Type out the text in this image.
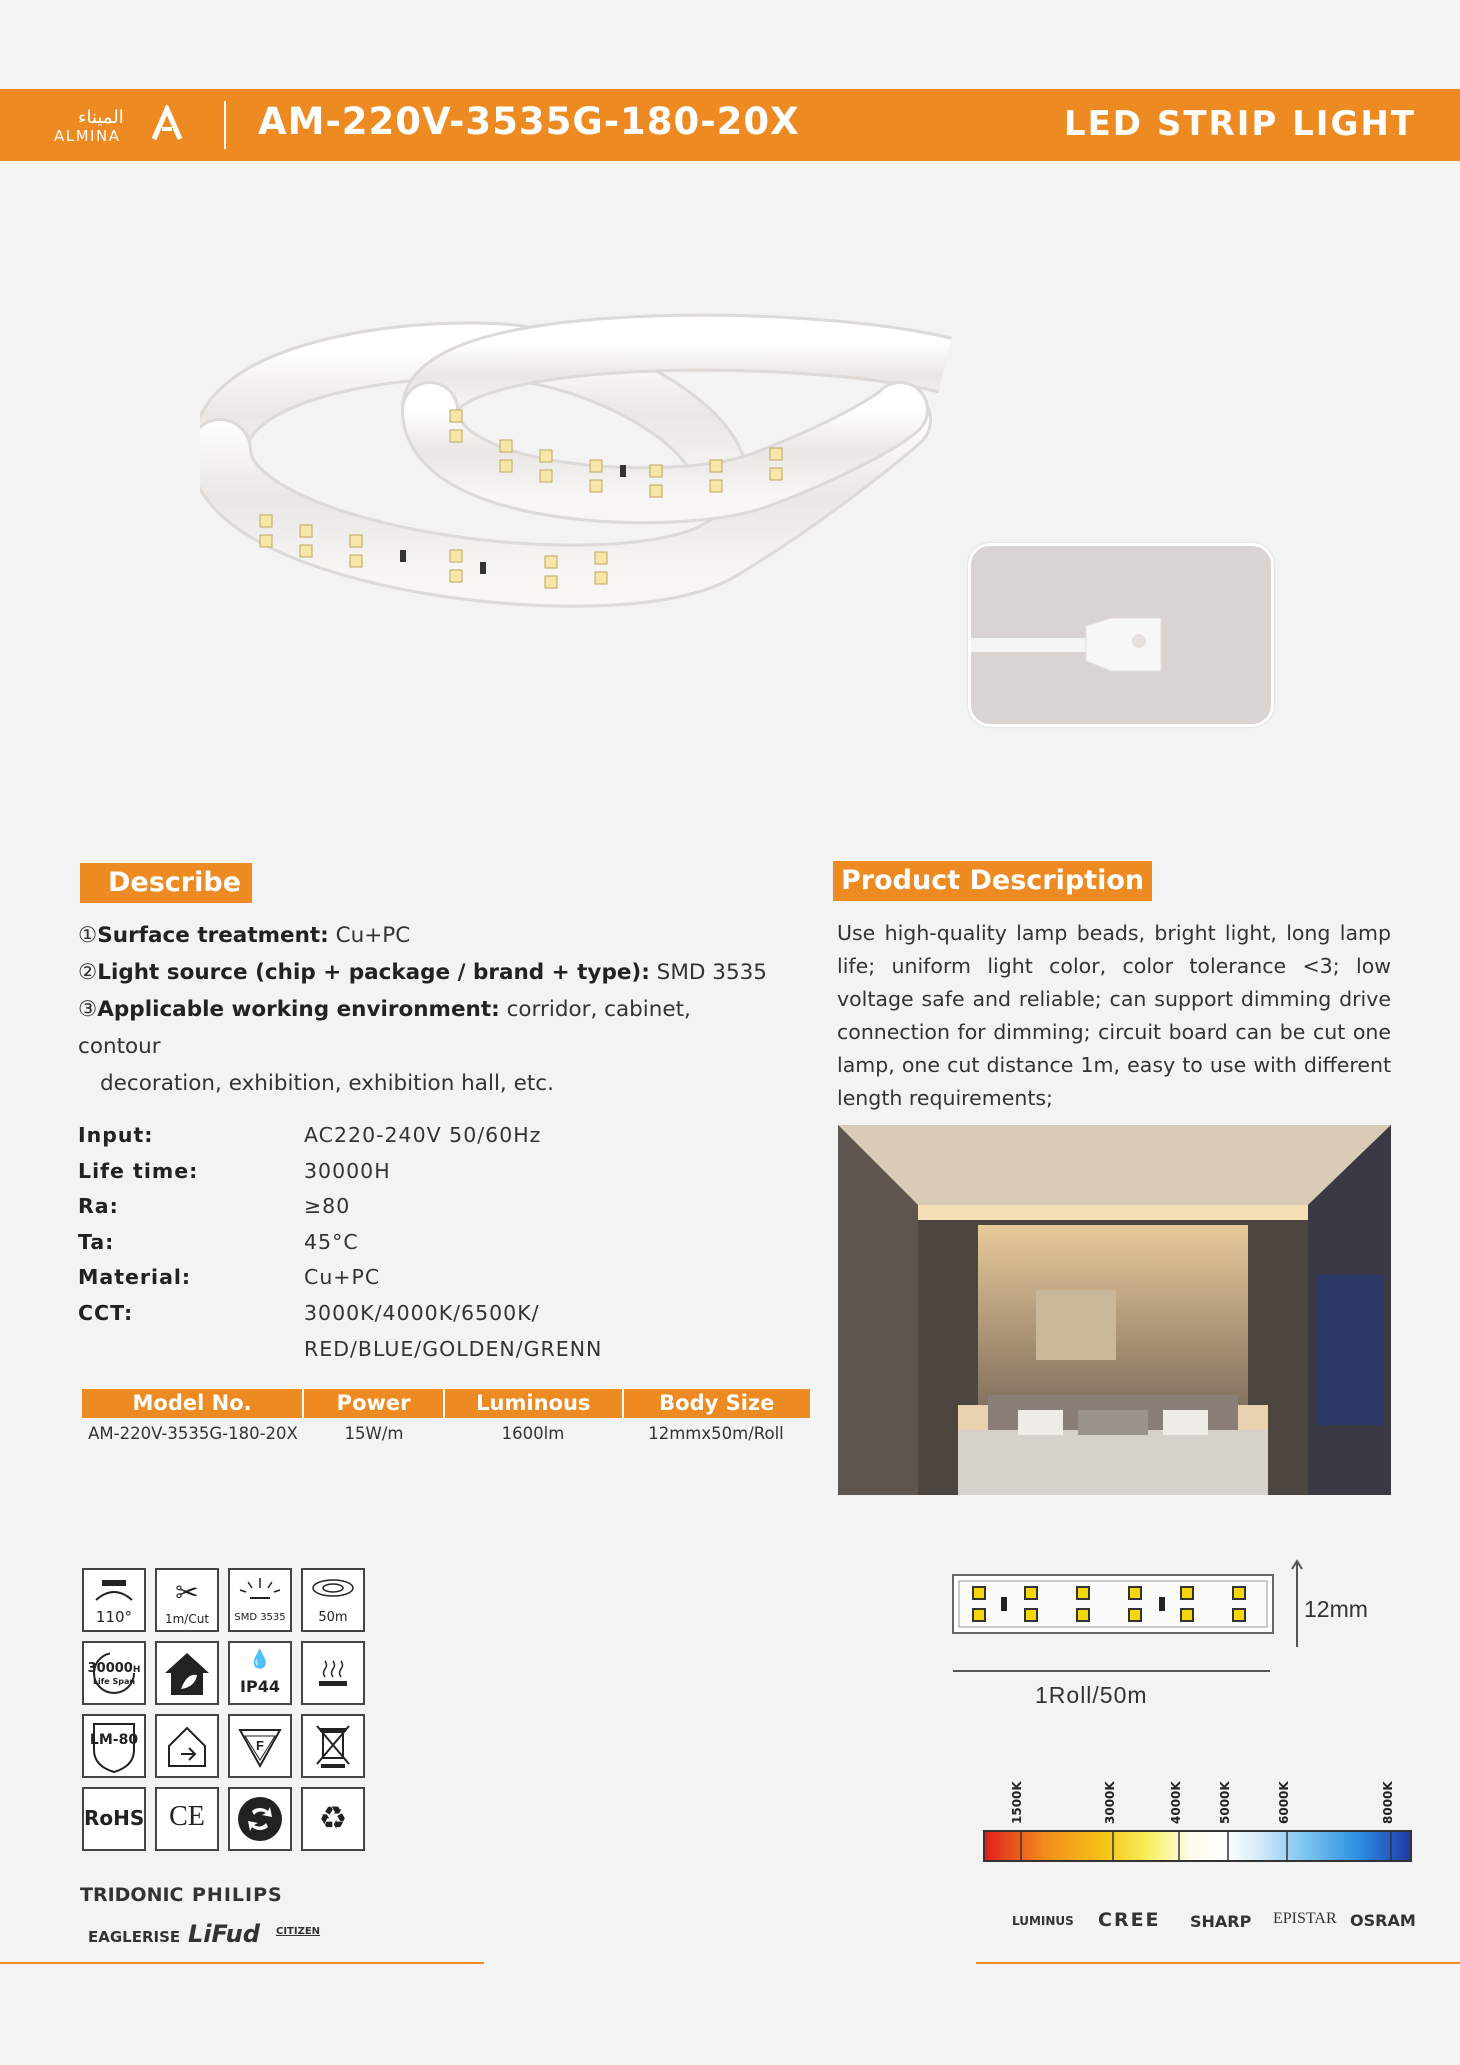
الميناء
ALMINA	AM-220V-3535G-180-20X	LED STRIP LIGHT
Describe
①Surface treatment: Cu+PC
②Light source (chip + package / brand + type): SMD 3535
③Applicable working environment: corridor, cabinet, contour
decoration, exhibition, exhibition hall, etc.
Product Description
Use high-quality lamp beads, bright light, long lamp life; uniform light color, color tolerance <3; low voltage safe and reliable; can support dimming drive connection for dimming; circuit board can be cut one lamp, one cut distance 1m, easy to use with different length requirements;
Input:	AC220-240V 50/60Hz
Life time:	30000H
Ra:	≥80
Ta:	45°C
Material:	Cu+PC
CCT:	3000K/4000K/6500K/
RED/BLUE/GOLDEN/GRENN
Model No.	Power	Luminous	Body Size
AM-220V-3535G-180-20X	15W/m	1600lm	12mmx50m/Roll
110°
✂
1m/Cut	SMD 3535	50m
30000H
Life Span
💧
IP44
LM-80	F
RoHS CE	♻
TRIDONIC PHILIPS
EAGLERISE LiFud CITIZEN
12mm
1Roll/50m
1500K	3000K	4000K	5000K	6000K	8000K
LUMINUS CREE SHARP EPISTAR OSRAM
